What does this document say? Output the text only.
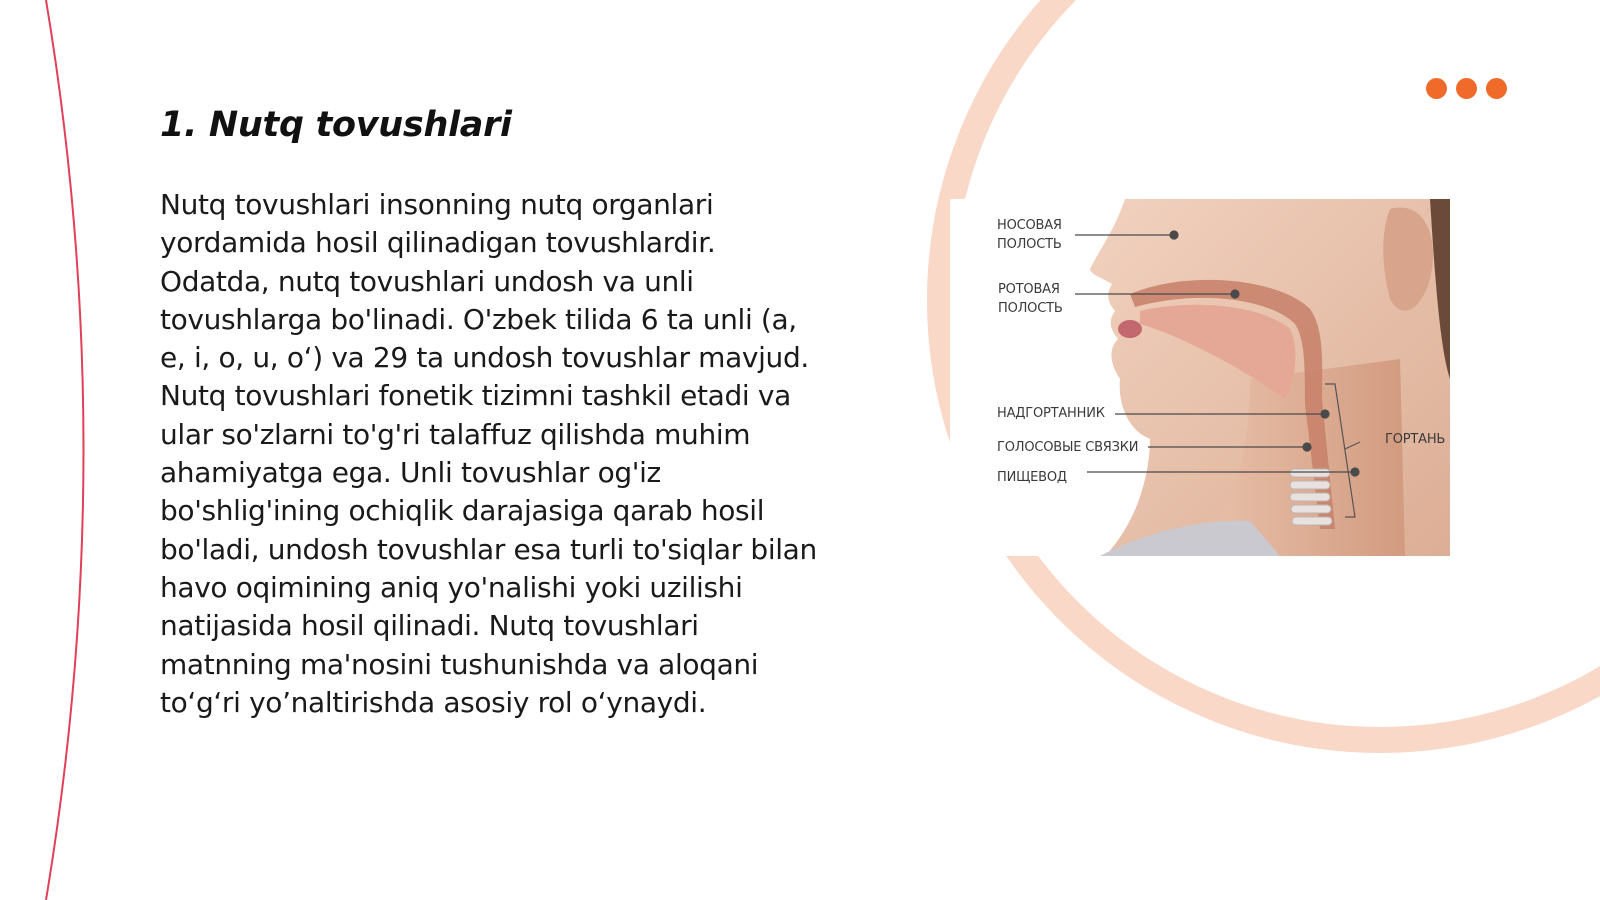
1. Nutq tovushlari

Nutq tovushlari insonning nutq organlari yordamida hosil qilinadigan tovushlardir. Odatda, nutq tovushlari undosh va unli tovushlarga bo'linadi. O'zbek tilida 6 ta unli (a, e, i, o, u, o‘) va 29 ta undosh tovushlar mavjud. Nutq tovushlari fonetik tizimni tashkil etadi va ular so'zlarni to'g'ri talaffuz qilishda muhim ahamiyatga ega. Unli tovushlar og'iz bo'shlig'ining ochiqlik darajasiga qarab hosil bo'ladi, undosh tovushlar esa turli to'siqlar bilan havo oqimining aniq yo'nalishi yoki uzilishi natijasida hosil qilinadi. Nutq tovushlari matnning ma'nosini tushunishda va aloqani to‘g‘ri yo’naltirishda asosiy rol o‘ynaydi.

НОСОВАЯ
ПОЛОСТЬ
РОТОВАЯ
ПОЛОСТЬ
НАДГОРТАННИК
ГОЛОСОВЫЕ СВЯЗКИ
ПИЩЕВОД
ГОРТАНЬ
